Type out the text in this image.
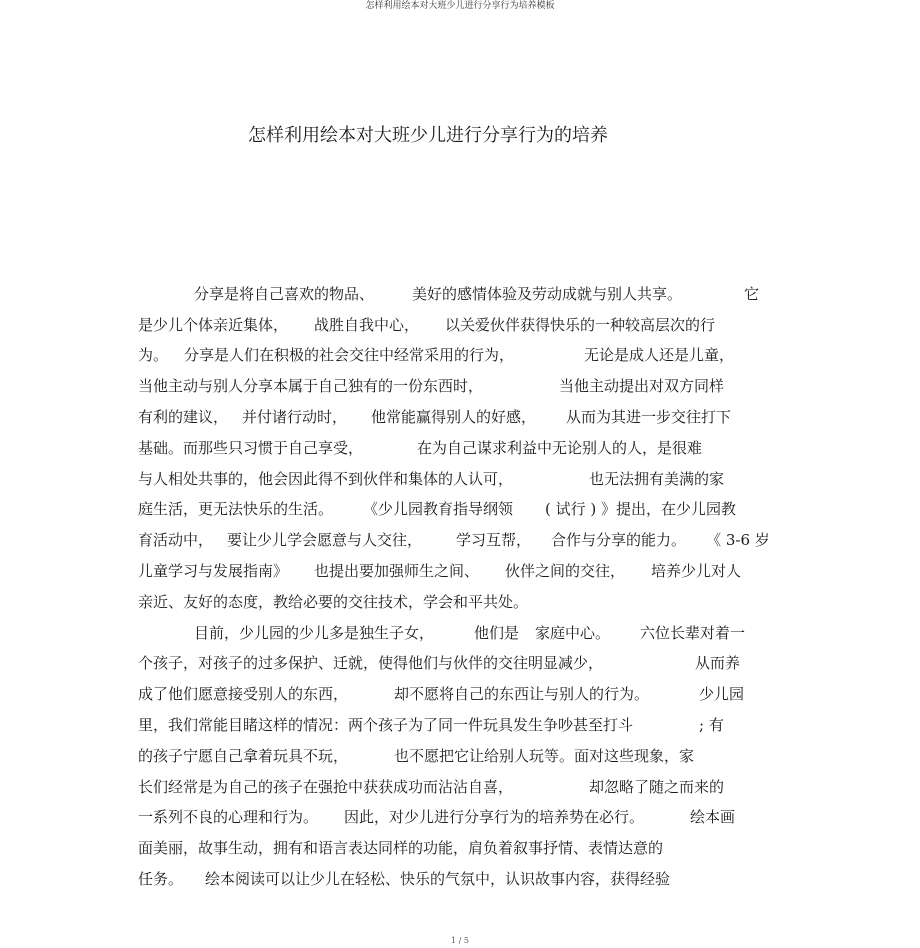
怎样利用绘本对大班少儿进行分享行为培养模板
怎样利用绘本对大班少儿进行分享行为的培养
分享是将自己喜欢的物品、	美好的感情体验及劳动成就与别人共享。	它
是少儿个体亲近集体， 战胜自我中心， 以关爱伙伴获得快乐的一种较高层次的行
为。 分享是人们在积极的社会交往中经常采用的行为，	无论是成人还是儿童，
当他主动与别人分享本属于自己独有的一份东西时，	当他主动提出对双方同样
有利的建议， 并付诸行动时， 他常能赢得别人的好感， 从而为其进一步交往打下
基础。而那些只习惯于自己享受，	在为自己谋求利益中无论别人的人，是很难
与人相处共事的，他会因此得不到伙伴和集体的人认可，	也无法拥有美满的家
庭生活，更无法快乐的生活。 《少儿园教育指导纲领 ( 试行 ) 》提出，在少儿园教
育活动中， 要让少儿学会愿意与人交往， 学习互帮， 合作与分享的能力。 《 3-6 岁
儿童学习与发展指南》 也提出要加强师生之间、 伙伴之间的交往， 培养少儿对人
亲近、友好的态度，教给必要的交往技术，学会和平共处。
目前，少儿园的少儿多是独生子女，	他们是 家庭中心。 六位长辈对着一
个孩子，对孩子的过多保护、迁就，使得他们与伙伴的交往明显减少，	从而养
成了他们愿意接受别人的东西，	却不愿将自己的东西让与别人的行为。	少儿园
里，我们常能目睹这样的情况：两个孩子为了同一件玩具发生争吵甚至打斗	; 有
的孩子宁愿自己拿着玩具不玩，	也不愿把它让给别人玩等。面对这些现象，家
长们经常是为自己的孩子在强抢中获获成功而沾沾自喜，	却忽略了随之而来的
一系列不良的心理和行为。 因此，对少儿进行分享行为的培养势在必行。	绘本画
面美丽，故事生动，拥有和语言表达同样的功能，肩负着叙事抒情、表情达意的
任务。 绘本阅读可以让少儿在轻松、快乐的气氛中，认识故事内容，获得经验
1 / 5
